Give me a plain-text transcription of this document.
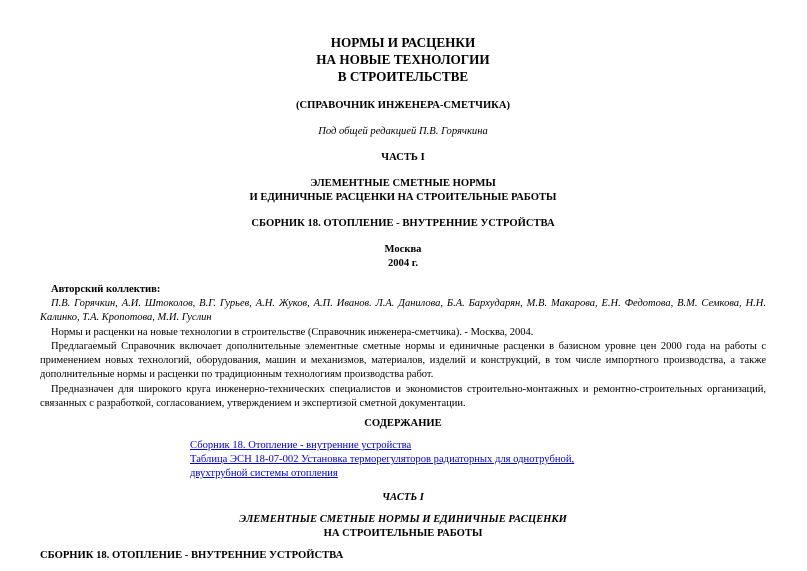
НОРМЫ И РАСЦЕНКИ

НА НОВЫЕ ТЕХНОЛОГИИ

В СТРОИТЕЛЬСТВЕ

(СПРАВОЧНИК ИНЖЕНЕРА-СМЕТЧИКА)

Под общей редакцией П.В. Горячкина

ЧАСТЬ I

ЭЛЕМЕНТНЫЕ СМЕТНЫЕ НОРМЫ

И ЕДИНИЧНЫЕ РАСЦЕНКИ НА СТРОИТЕЛЬНЫЕ РАБОТЫ

СБОРНИК 18. ОТОПЛЕНИЕ - ВНУТРЕННИЕ УСТРОЙСТВА

Москва

2004 г.

Авторский коллектив:

П.В. Горячкин, А.И. Штоколов, В.Г. Гурьев, А.Н. Жуков, А.П. Иванов. Л.А. Данилова, Б.А. Бархударян, М.В. Макарова, Е.Н. Федотова, В.М. Семкова, Н.Н. Калинко, Т.А. Кропотова, М.И. Гуслин

Нормы и расценки на новые технологии в строительстве (Справочник инженера-сметчика). - Москва, 2004.

Предлагаемый Справочник включает дополнительные элементные сметные нормы и единичные расценки в базисном уровне цен 2000 года на работы с применением новых технологий, оборудования, машин и механизмов, материалов, изделий и конструкций, в том числе импортного производства, а также дополнительные нормы и расценки по традиционным технологиям производства работ.

Предназначен для широкого круга инженерно-технических специалистов и экономистов строительно-монтажных и ремонтно-строительных организаций, связанных с разработкой, согласованием, утверждением и экспертизой сметной документации.

СОДЕРЖАНИЕ

Сборник 18. Отопление - внутренние устройства
Таблица ЭСН 18-07-002 Установка терморегуляторов радиаторных для однотрубной,
двухтрубной системы отопления

ЧАСТЬ I

ЭЛЕМЕНТНЫЕ СМЕТНЫЕ НОРМЫ И ЕДИНИЧНЫЕ РАСЦЕНКИ

НА СТРОИТЕЛЬНЫЕ РАБОТЫ

СБОРНИК 18. ОТОПЛЕНИЕ - ВНУТРЕННИЕ УСТРОЙСТВА
